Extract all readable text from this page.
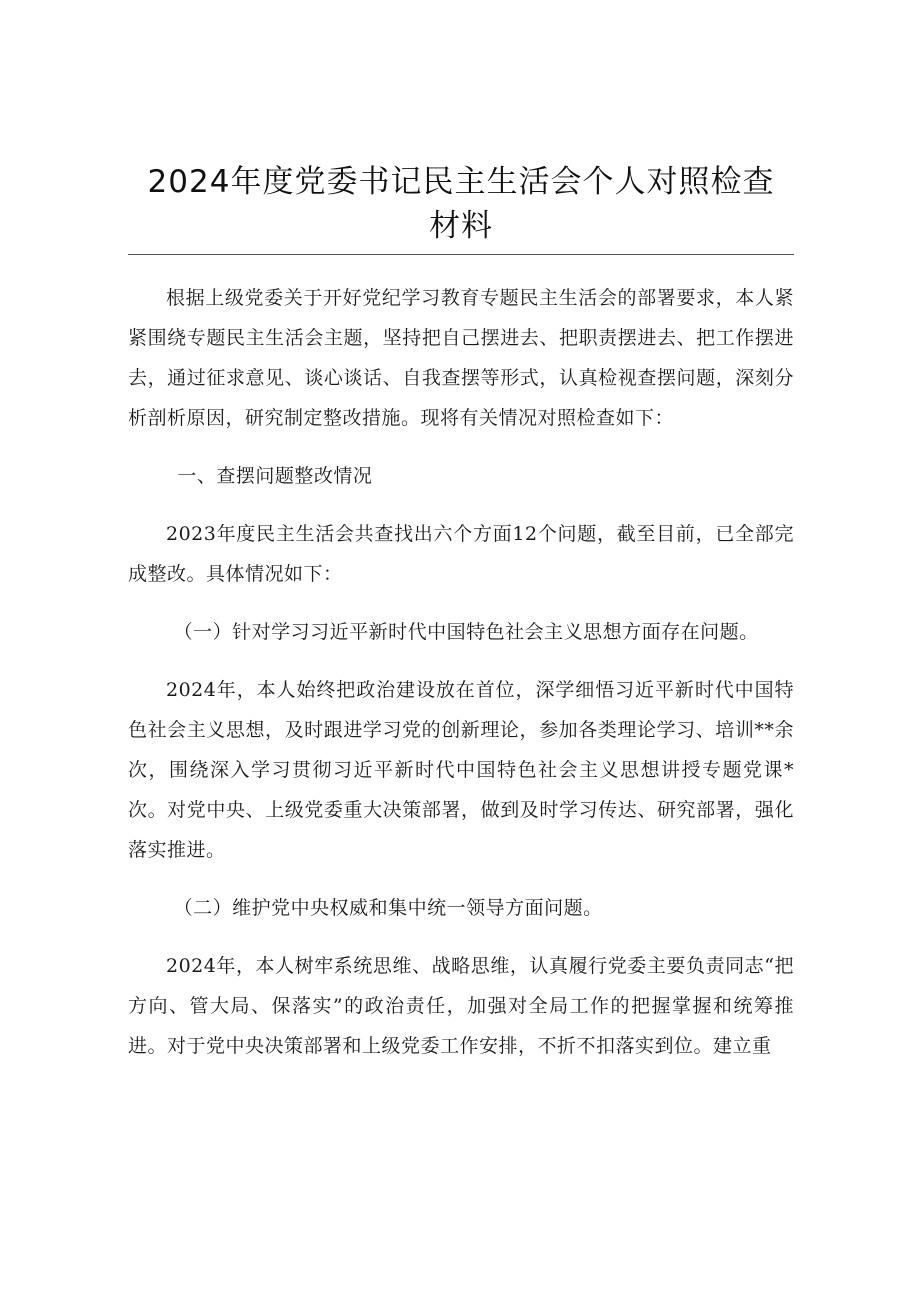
2024年度党委书记民主生活会个人对照检查
材料

根据上级党委关于开好党纪学习教育专题民主生活会的部署要求，本人紧紧围绕专题民主生活会主题，坚持把自己摆进去、把职责摆进去、把工作摆进去，通过征求意见、谈心谈话、自我查摆等形式，认真检视查摆问题，深刻分析剖析原因，研究制定整改措施。现将有关情况对照检查如下：

一、查摆问题整改情况

2023年度民主生活会共查找出六个方面12个问题，截至目前，已全部完成整改。具体情况如下：

（一）针对学习习近平新时代中国特色社会主义思想方面存在问题。

2024年，本人始终把政治建设放在首位，深学细悟习近平新时代中国特色社会主义思想，及时跟进学习党的创新理论，参加各类理论学习、培训**余次，围绕深入学习贯彻习近平新时代中国特色社会主义思想讲授专题党课*次。对党中央、上级党委重大决策部署，做到及时学习传达、研究部署，强化落实推进。

（二）维护党中央权威和集中统一领导方面问题。

2024年，本人树牢系统思维、战略思维，认真履行党委主要负责同志“把方向、管大局、保落实”的政治责任，加强对全局工作的把握掌握和统筹推进。对于党中央决策部署和上级党委工作安排，不折不扣落实到位。建立重
